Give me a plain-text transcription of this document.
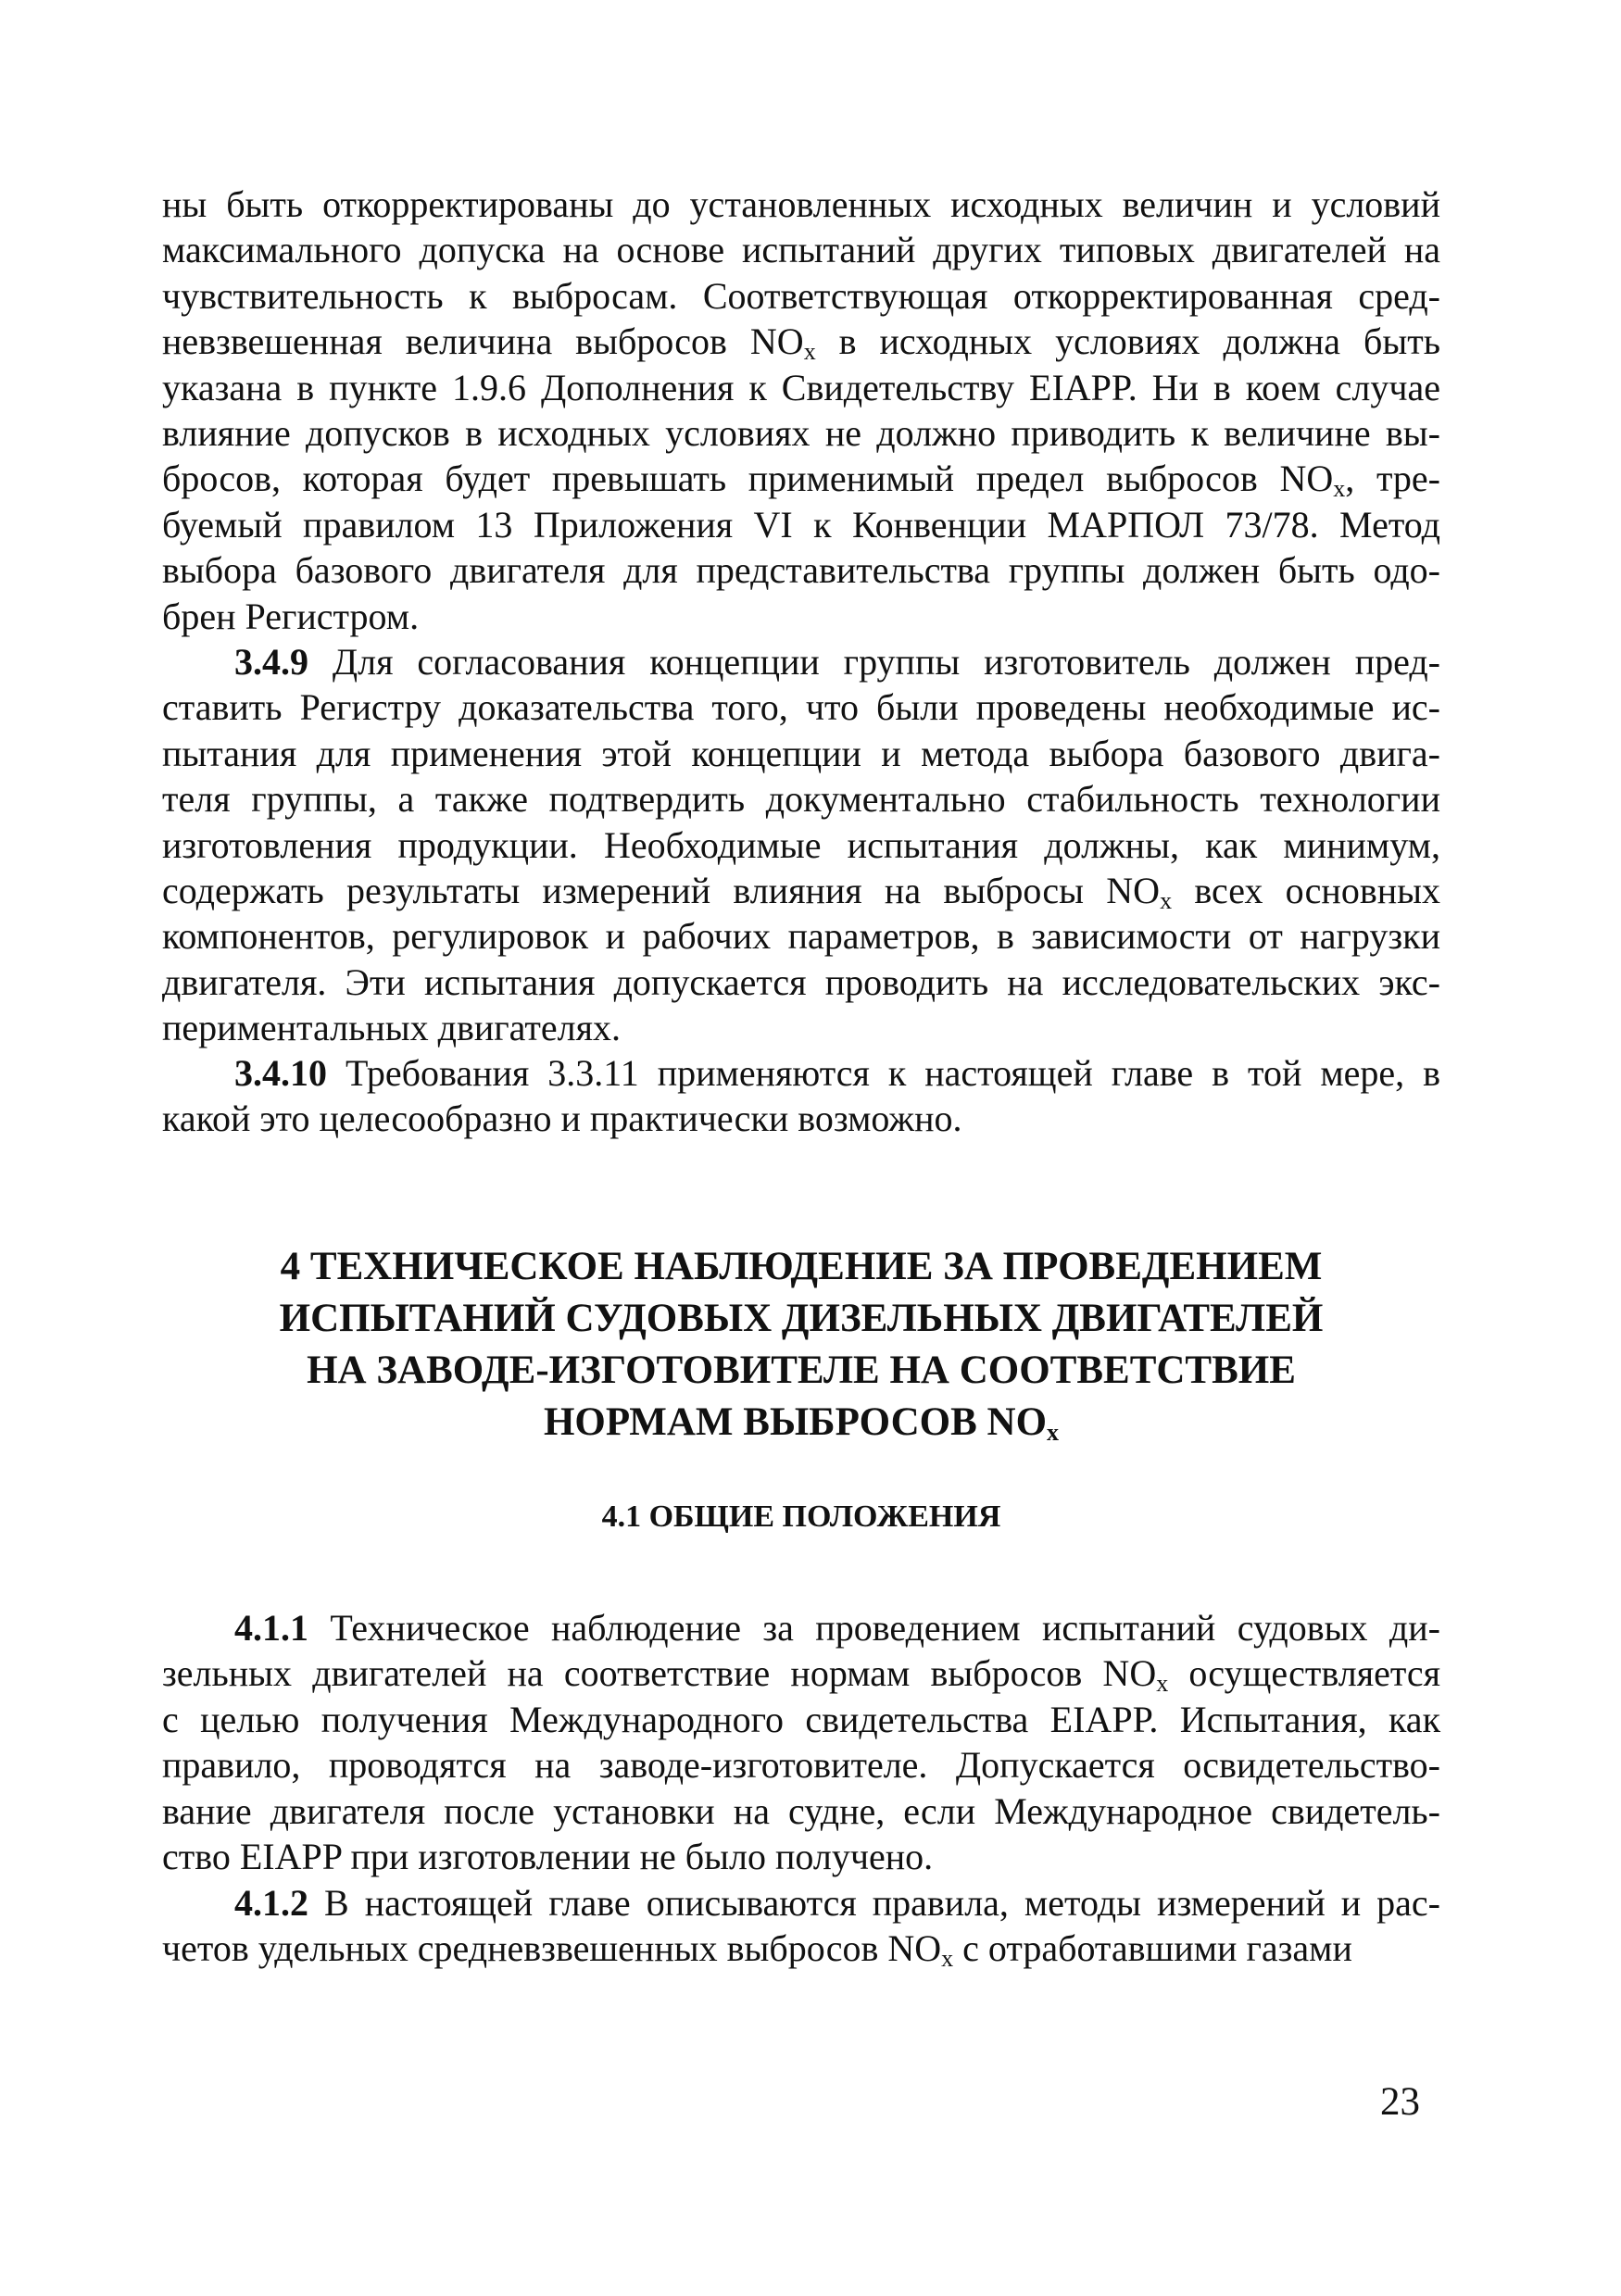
ны быть откорректированы до установленных исходных величин и условий
максимального допуска на основе испытаний других типовых двигателей на
чувствительность к выбросам. Соответствующая откорректированная сред-
невзвешенная величина выбросов $NO_x$ в исходных условиях должна быть
указана в пункте 1.9.6 Дополнения к Свидетельству EIAPP. Ни в коем случае
влияние допусков в исходных условиях не должно приводить к величине вы-
бросов, которая будет превышать применимый предел выбросов $NO_x$, тре-
буемый правилом 13 Приложения VI к Конвенции МАРПОЛ 73/78. Метод
выбора базового двигателя для представительства группы должен быть одо-
брен Регистром.
3.4.9 Для согласования концепции группы изготовитель должен пред-
ставить Регистру доказательства того, что были проведены необходимые ис-
пытания для применения этой концепции и метода выбора базового двига-
теля группы, а также подтвердить документально стабильность технологии
изготовления продукции. Необходимые испытания должны, как минимум,
содержать результаты измерений влияния на выбросы $NO_x$ всех основных
компонентов, регулировок и рабочих параметров, в зависимости от нагрузки
двигателя. Эти испытания допускается проводить на исследовательских экс-
периментальных двигателях.
3.4.10 Требования 3.3.11 применяются к настоящей главе в той мере, в
какой это целесообразно и практически возможно.
4 ТЕХНИЧЕСКОЕ НАБЛЮДЕНИЕ ЗА ПРОВЕДЕНИЕМ
ИСПЫТАНИЙ СУДОВЫХ ДИЗЕЛЬНЫХ ДВИГАТЕЛЕЙ
НА ЗАВОДЕ-ИЗГОТОВИТЕЛЕ НА СООТВЕТСТВИЕ
НОРМАМ ВЫБРОСОВ $NO_x$
4.1 ОБЩИЕ ПОЛОЖЕНИЯ
4.1.1 Техническое наблюдение за проведением испытаний судовых ди-
зельных двигателей на соответствие нормам выбросов $NO_x$ осуществляется
с целью получения Международного свидетельства EIAPP. Испытания, как
правило, проводятся на заводе-изготовителе. Допускается освидетельство-
вание двигателя после установки на судне, если Международное свидетель-
ство EIAPP при изготовлении не было получено.
4.1.2 В настоящей главе описываются правила, методы измерений и рас-
четов удельных средневзвешенных выбросов $NO_x$ с отработавшими газами
23
